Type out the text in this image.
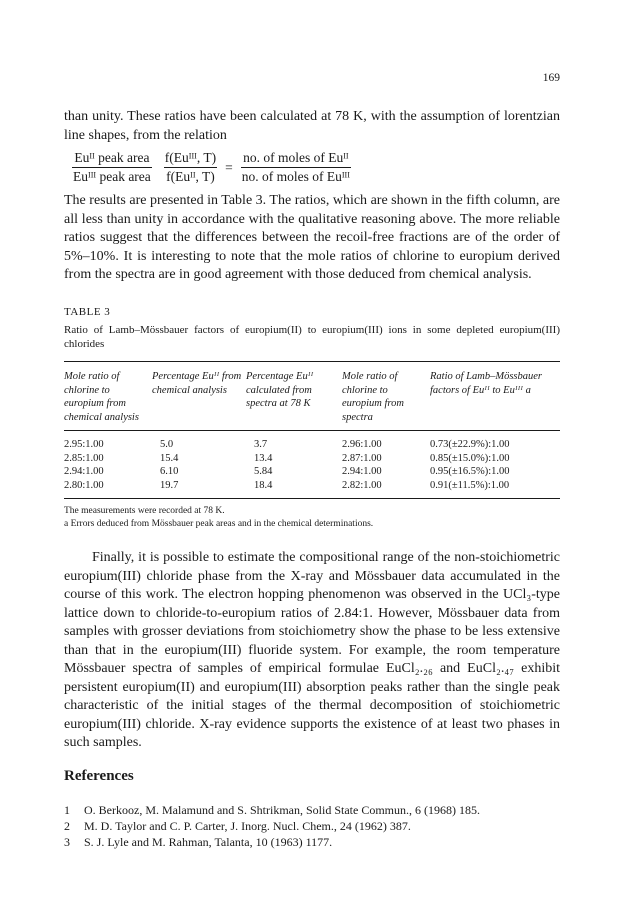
169

than unity. These ratios have been calculated at 78 K, with the assumption of lorentzian line shapes, from the relation

$\frac{\text{Euᴵᴵ peak area}}{\text{Euᴵᴵᴵ peak area}} \frac{\text{f(Euᴵᴵᴵ, T)}}{\text{f(Euᴵᴵ, T)}} = \frac{\text{no. of moles of Euᴵᴵ}}{\text{no. of moles of Euᴵᴵᴵ}}$

The results are presented in Table 3. The ratios, which are shown in the fifth column, are all less than unity in accordance with the qualitative reasoning above. The more reliable ratios suggest that the differences between the recoil-free fractions are of the order of 5%–10%. It is interesting to note that the mole ratios of chlorine to europium derived from the spectra are in good agreement with those deduced from chemical analysis.

TABLE 3
Ratio of Lamb–Mössbauer factors of europium(II) to europium(III) ions in some depleted europium(III) chlorides
Mole ratio of chlorine to europium from chemical analysis	Percentage Euᴵᴵ from chemical analysis	Percentage Euᴵᴵ calculated from spectra at 78 K	Mole ratio of chlorine to europium from spectra	Ratio of Lamb–Mössbauer factors of Euᴵᴵ to Euᴵᴵᴵ a
2.95:1.00	5.0	3.7	2.96:1.00	0.73(±22.9%):1.00
2.85:1.00	15.4	13.4	2.87:1.00	0.85(±15.0%):1.00
2.94:1.00	6.10	5.84	2.94:1.00	0.95(±16.5%):1.00
2.80:1.00	19.7	18.4	2.82:1.00	0.91(±11.5%):1.00
The measurements were recorded at 78 K.
a Errors deduced from Mössbauer peak areas and in the chemical determinations.

Finally, it is possible to estimate the compositional range of the non-stoichiometric europium(III) chloride phase from the X-ray and Mössbauer data accumulated in the course of this work. The electron hopping phenomenon was observed in the UCl₃-type lattice down to chloride-to-europium ratios of 2.84:1. However, Mössbauer data from samples with grosser deviations from stoichiometry show the phase to be less extensive than that in the europium(III) fluoride system. For example, the room temperature Mössbauer spectra of samples of empirical formulae EuCl₂.₂₆ and EuCl₂.₄₇ exhibit persistent europium(II) and europium(III) absorption peaks rather than the single peak characteristic of the initial stages of the thermal decomposition of stoichiometric europium(III) chloride. X-ray evidence supports the existence of at least two phases in such samples.

References
1	O. Berkooz, M. Malamund and S. Shtrikman, Solid State Commun., 6 (1968) 185.
2	M. D. Taylor and C. P. Carter, J. Inorg. Nucl. Chem., 24 (1962) 387.
3	S. J. Lyle and M. Rahman, Talanta, 10 (1963) 1177.
